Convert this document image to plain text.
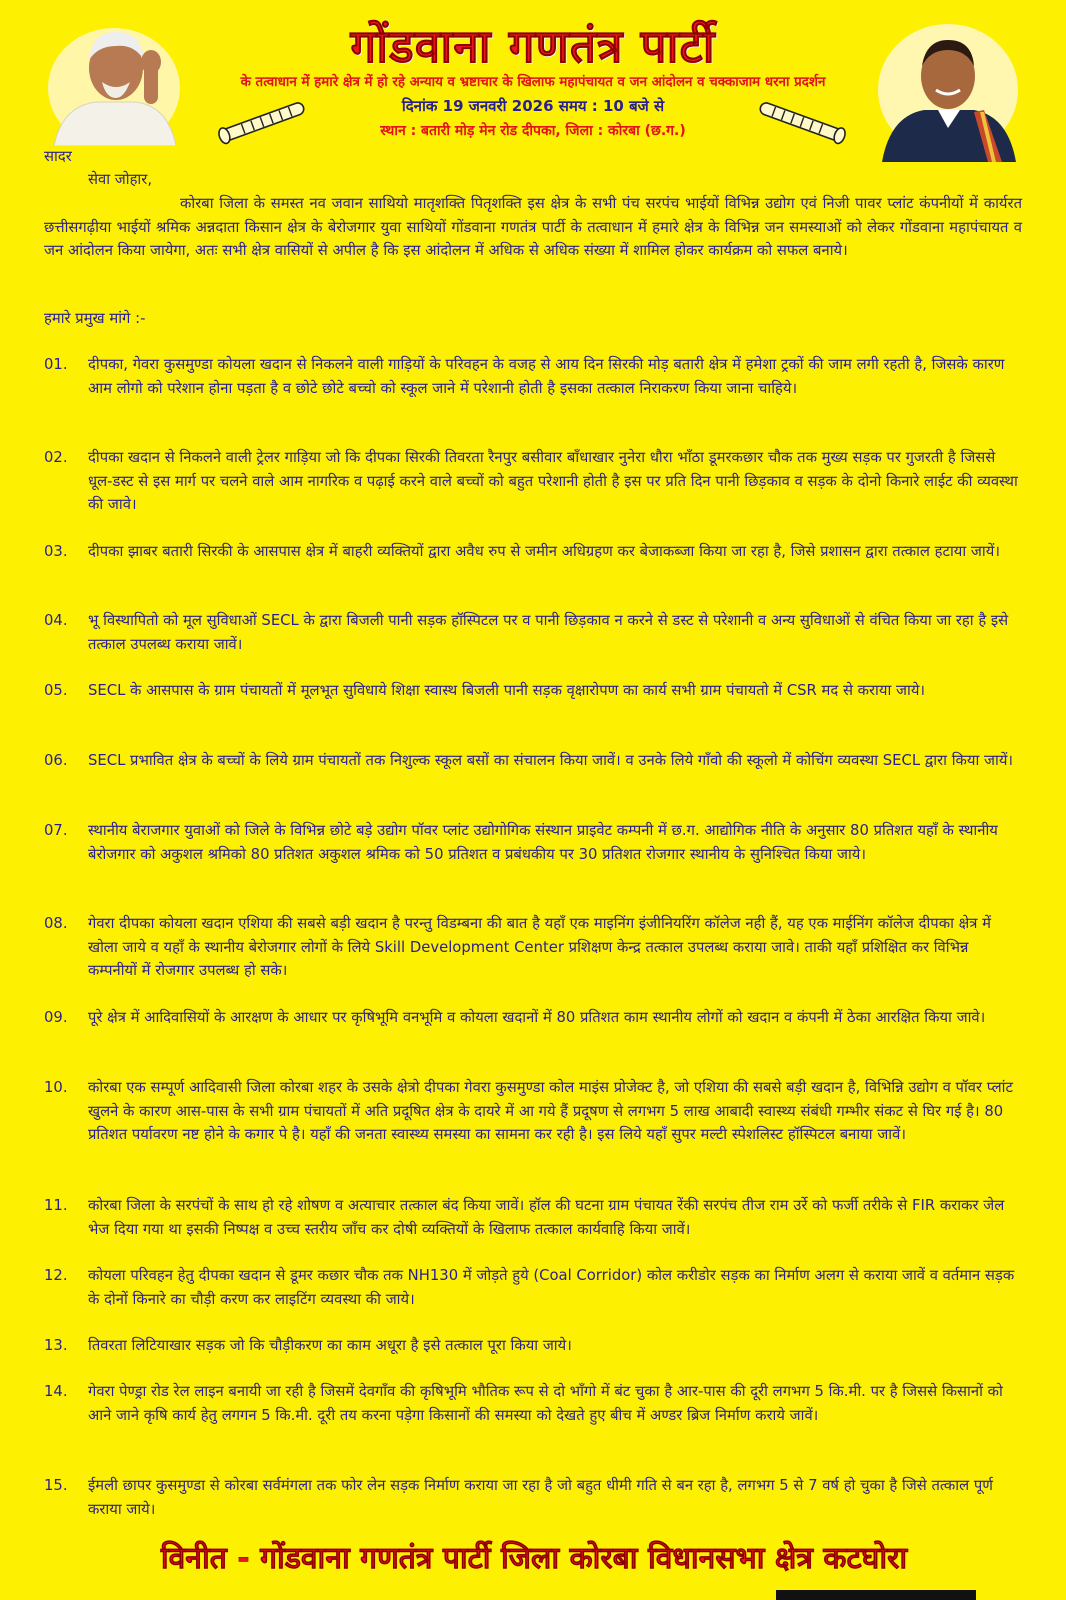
गोंडवाना गणतंत्र पार्टी
के तत्वाधान में हमारे क्षेत्र में हो रहे अन्याय व भ्रष्टाचार के खिलाफ महापंचायत व जन आंदोलन व चक्काजाम धरना प्रदर्शन
दिनांक 19 जनवरी 2026 समय : 10 बजे से
स्थान : बतारी मोड़ मेन रोड दीपका, जिला : कोरबा (छ.ग.)
सादर
सेवा जोहार,
कोरबा जिला के समस्त नव जवान साथियो मातृशक्ति पितृशक्ति इस क्षेत्र के सभी पंच सरपंच भाईयों विभिन्न उद्योग एवं निजी पावर प्लांट कंपनीयों में कार्यरत छत्तीसगढ़ीया भाईयों श्रमिक अन्नदाता किसान क्षेत्र के बेरोजगार युवा साथियों गोंडवाना गणतंत्र पार्टी के तत्वाधान में हमारे क्षेत्र के विभिन्न जन समस्याओं को लेकर गोंडवाना महापंचायत व जन आंदोलन किया जायेगा, अतः सभी क्षेत्र वासियों से अपील है कि इस आंदोलन में अधिक से अधिक संख्या में शामिल होकर कार्यक्रम को सफल बनाये।
हमारे प्रमुख मांगे :-
01.	दीपका, गेवरा कुसमुण्डा कोयला खदान से निकलने वाली गाड़ियों के परिवहन के वजह से आय दिन सिरकी मोड़ बतारी क्षेत्र में हमेशा ट्रकों की जाम लगी रहती है, जिसके कारण आम लोगो को परेशान होना पड़ता है व छोटे छोटे बच्चो को स्कूल जाने में परेशानी होती है इसका तत्काल निराकरण किया जाना चाहिये।
02.	दीपका खदान से निकलने वाली ट्रेलर गाड़िया जो कि दीपका सिरकी तिवरता रैनपुर बसीवार बाँधाखार नुनेरा धौरा भाँठा डूमरकछार चौक तक मुख्य सड़क पर गुजरती है जिससे धूल-डस्ट से इस मार्ग पर चलने वाले आम नागरिक व पढ़ाई करने वाले बच्चों को बहुत परेशानी होती है इस पर प्रति दिन पानी छिड़काव व सड़क के दोनो किनारे लाईट की व्यवस्था की जावे।
03.	दीपका झाबर बतारी सिरकी के आसपास क्षेत्र में बाहरी व्यक्तियों द्वारा अवैध रुप से जमीन अधिग्रहण कर बेजाकब्जा किया जा रहा है, जिसे प्रशासन द्वारा तत्काल हटाया जायें।
04.	भू विस्थापितो को मूल सुविधाओं SECL के द्वारा बिजली पानी सड़क हॉस्पिटल पर व पानी छिड़काव न करने से डस्ट से परेशानी व अन्य सुविधाओं से वंचित किया जा रहा है इसे तत्काल उपलब्ध कराया जावें।
05.	SECL के आसपास के ग्राम पंचायतों में मूलभूत सुविधाये शिक्षा स्वास्थ बिजली पानी सड़क वृक्षारोपण का कार्य सभी ग्राम पंचायतो में CSR मद से कराया जाये।
06.	SECL प्रभावित क्षेत्र के बच्चों के लिये ग्राम पंचायतों तक निशुल्क स्कूल बसों का संचालन किया जावें। व उनके लिये गाँवो की स्कूलो में कोचिंग व्यवस्था SECL द्वारा किया जायें।
07.	स्थानीय बेराजगार युवाओं को जिले के विभिन्न छोटे बड़े उद्योग पॉवर प्लांट उद्योगोगिक संस्थान प्राइवेट कम्पनी में छ.ग. आद्योगिक नीति के अनुसार 80 प्रतिशत यहाँ के स्थानीय बेरोजगार को अकुशल श्रमिको 80 प्रतिशत अकुशल श्रमिक को 50 प्रतिशत व प्रबंधकीय पर 30 प्रतिशत रोजगार स्थानीय के सुनिश्चित किया जाये।
08.	गेवरा दीपका कोयला खदान एशिया की सबसे बड़ी खदान है परन्तु विडम्बना की बात है यहाँ एक माइनिंग इंजीनियरिंग कॉलेज नही हैं, यह एक माईनिंग कॉलेज दीपका क्षेत्र में खोला जाये व यहाँ के स्थानीय बेरोजगार लोगों के लिये Skill Development Center प्रशिक्षण केन्द्र तत्काल उपलब्ध कराया जावे। ताकी यहाँ प्रशिक्षित कर विभिन्न कम्पनीयों में रोजगार उपलब्ध हो सके।
09.	पूरे क्षेत्र में आदिवासियों के आरक्षण के आधार पर कृषिभूमि वनभूमि व कोयला खदानों में 80 प्रतिशत काम स्थानीय लोगों को खदान व कंपनी में ठेका आरक्षित किया जावे।
10.	कोरबा एक सम्पूर्ण आदिवासी जिला कोरबा शहर के उसके क्षेत्रो दीपका गेवरा कुसमुण्डा कोल माइंस प्रोजेक्ट है, जो एशिया की सबसे बड़ी खदान है, विभिन्नि उद्योग व पॉवर प्लांट खुलने के कारण आस-पास के सभी ग्राम पंचायतों में अति प्रदूषित क्षेत्र के दायरे में आ गये हैं प्रदूषण से लगभग 5 लाख आबादी स्वास्थ्य संबंधी गम्भीर संकट से घिर गई है। 80 प्रतिशत पर्यावरण नष्ट होने के कगार पे है। यहाँ की जनता स्वास्थ्य समस्या का सामना कर रही है। इस लिये यहाँ सुपर मल्टी स्पेशलिस्ट हॉस्पिटल बनाया जावें।
11.	कोरबा जिला के सरपंचों के साथ हो रहे शोषण व अत्याचार तत्काल बंद किया जावें। हॉल की घटना ग्राम पंचायत रेंकी सरपंच तीज राम उर्रे को फर्जी तरीके से FIR कराकर जेल भेज दिया गया था इसकी निष्पक्ष व उच्च स्तरीय जाँच कर दोषी व्यक्तियों के खिलाफ तत्काल कार्यवाहि किया जावें।
12.	कोयला परिवहन हेतु दीपका खदान से डूमर कछार चौक तक NH130 में जोड़ते हुये (Coal Corridor) कोल करीडोर सड़क का निर्माण अलग से कराया जावें व वर्तमान सड़क के दोनों किनारे का चौड़ी करण कर लाइटिंग व्यवस्था की जाये।
13.	तिवरता लिटियाखार सड़क जो कि चौड़ीकरण का काम अधूरा है इसे तत्काल पूरा किया जाये।
14.	गेवरा पेण्ड्रा रोड रेल लाइन बनायी जा रही है जिसमें देवगाँव की कृषिभूमि भौतिक रूप से दो भाँगो में बंट चुका है आर-पास की दूरी लगभग 5 कि.मी. पर है जिससे किसानों को आने जाने कृषि कार्य हेतु लगगन 5 कि.मी. दूरी तय करना पड़ेगा किसानों की समस्या को देखते हुए बीच में अण्डर ब्रिज निर्माण कराये जावें।
15.	ईमली छापर कुसमुण्डा से कोरबा सर्वमंगला तक फोर लेन सड़क निर्माण कराया जा रहा है जो बहुत धीमी गति से बन रहा है, लगभग 5 से 7 वर्ष हो चुका है जिसे तत्काल पूर्ण कराया जाये।
विनीत - गोंडवाना गणतंत्र पार्टी जिला कोरबा विधानसभा क्षेत्र कटघोरा
